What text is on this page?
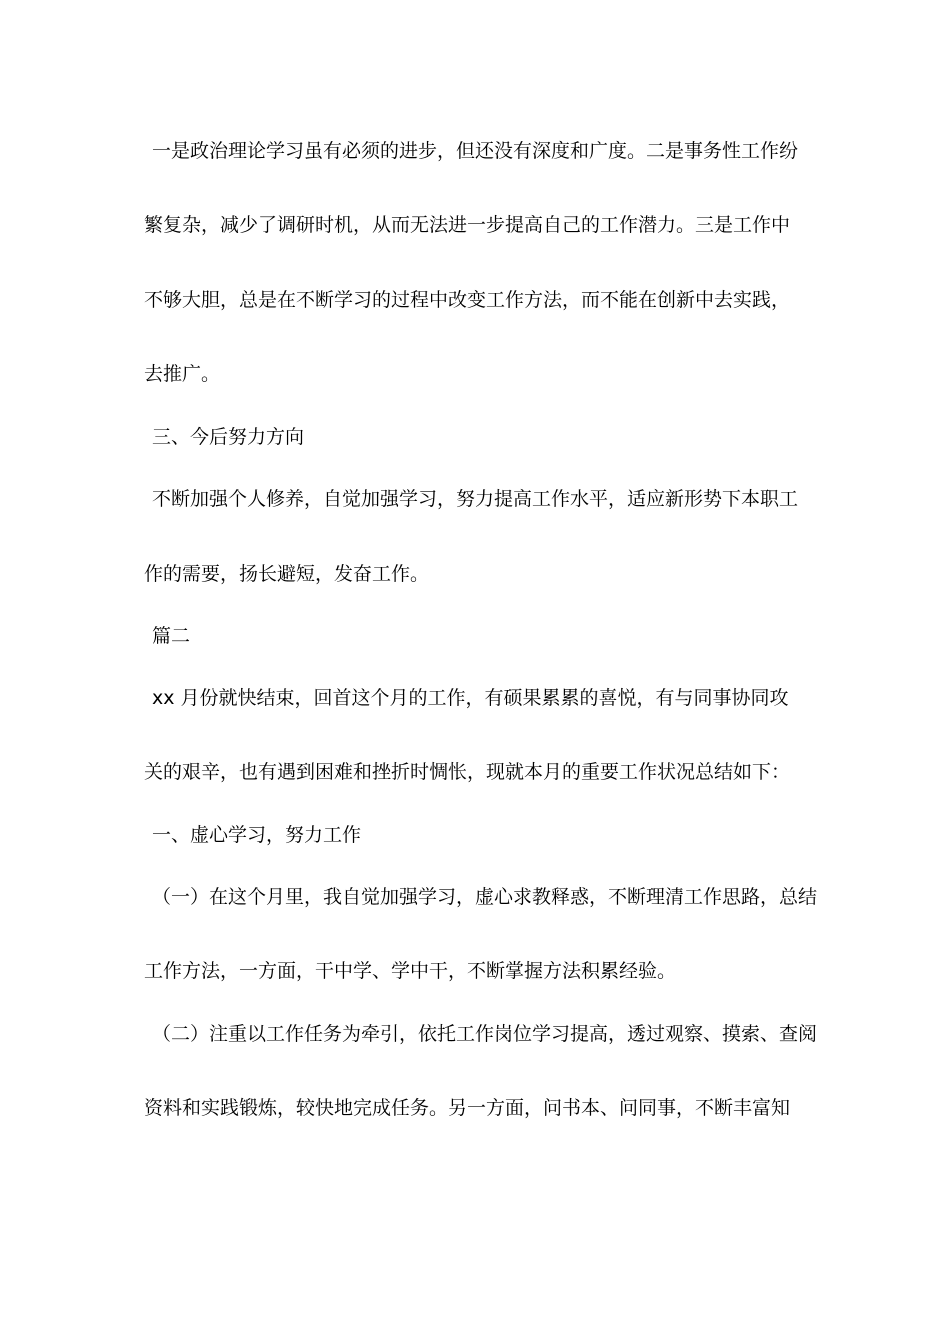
一是政治理论学习虽有必须的进步，但还没有深度和广度。二是事务性工作纷
繁复杂，减少了调研时机，从而无法进一步提高自己的工作潜力。三是工作中
不够大胆，总是在不断学习的过程中改变工作方法，而不能在创新中去实践，
去推广。
三、今后努力方向
不断加强个人修养，自觉加强学习，努力提高工作水平，适应新形势下本职工
作的需要，扬长避短，发奋工作。
篇二
xx 月份就快结束，回首这个月的工作，有硕果累累的喜悦，有与同事协同攻
关的艰辛，也有遇到困难和挫折时惆怅，现就本月的重要工作状况总结如下：
一、虚心学习，努力工作
（一）在这个月里，我自觉加强学习，虚心求教释惑，不断理清工作思路，总结
工作方法，一方面，干中学、学中干，不断掌握方法积累经验。
（二）注重以工作任务为牵引，依托工作岗位学习提高，透过观察、摸索、查阅
资料和实践锻炼，较快地完成任务。另一方面，问书本、问同事，不断丰富知
